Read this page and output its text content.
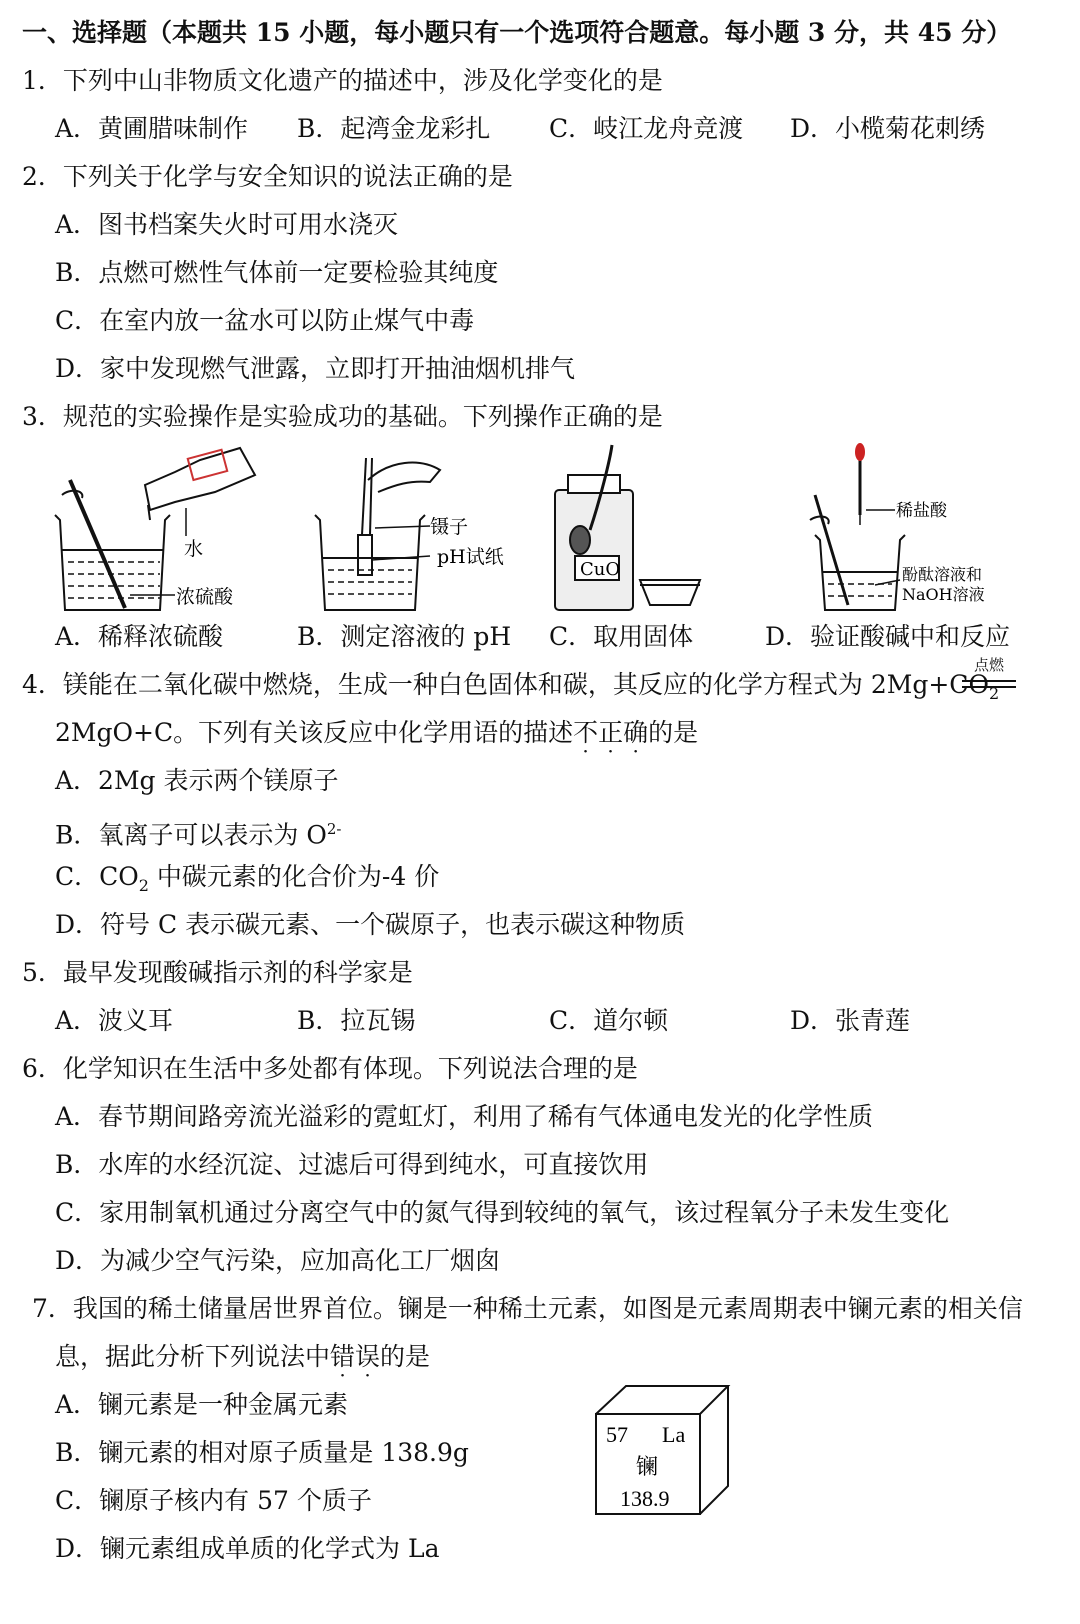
一、选择题（本题共 15 小题，每小题只有一个选项符合题意。每小题 3 分，共 45 分）
1．下列中山非物质文化遗产的描述中，涉及化学变化的是
A．黄圃腊味制作 B．起湾金龙彩扎 C．岐江龙舟竞渡 D．小榄菊花刺绣
2．下列关于化学与安全知识的说法正确的是
A．图书档案失火时可用水浇灭
B．点燃可燃性气体前一定要检验其纯度
C．在室内放一盆水可以防止煤气中毒
D．家中发现燃气泄露，立即打开抽油烟机排气
3．规范的实验操作是实验成功的基础。下列操作正确的是
水
浓硫酸
镊子
pH试纸
CuO
稀盐酸
酚酞溶液和
NaOH溶液
A．稀释浓硫酸	B．测定溶液的 pH C．取用固体	D．验证酸碱中和反应
4．镁能在二氧化碳中燃烧，生成一种白色固体和碳，其反应的化学方程式为 $2Mg+CO_2$
点燃
2MgO+C。下列有关该反应中化学用语的描述不正确的是
A．2Mg 表示两个镁原子
B．氧离子可以表示为 $O^{2-}$
C．$CO_2$ 中碳元素的化合价为-4 价
D．符号 C 表示碳元素、一个碳原子，也表示碳这种物质
5．最早发现酸碱指示剂的科学家是
A．波义耳	B．拉瓦锡	C．道尔顿	D．张青莲
6．化学知识在生活中多处都有体现。下列说法合理的是
A．春节期间路旁流光溢彩的霓虹灯，利用了稀有气体通电发光的化学性质
B．水库的水经沉淀、过滤后可得到纯水，可直接饮用
C．家用制氧机通过分离空气中的氮气得到较纯的氧气，该过程氧分子未发生变化
D．为减少空气污染，应加高化工厂烟囱
7．我国的稀土储量居世界首位。镧是一种稀土元素，如图是元素周期表中镧元素的相关信
息，据此分析下列说法中错误的是
A．镧元素是一种金属元素
B．镧元素的相对原子质量是 138.9g
C．镧原子核内有 57 个质子
D．镧元素组成单质的化学式为 La
57 La
镧
138.9
